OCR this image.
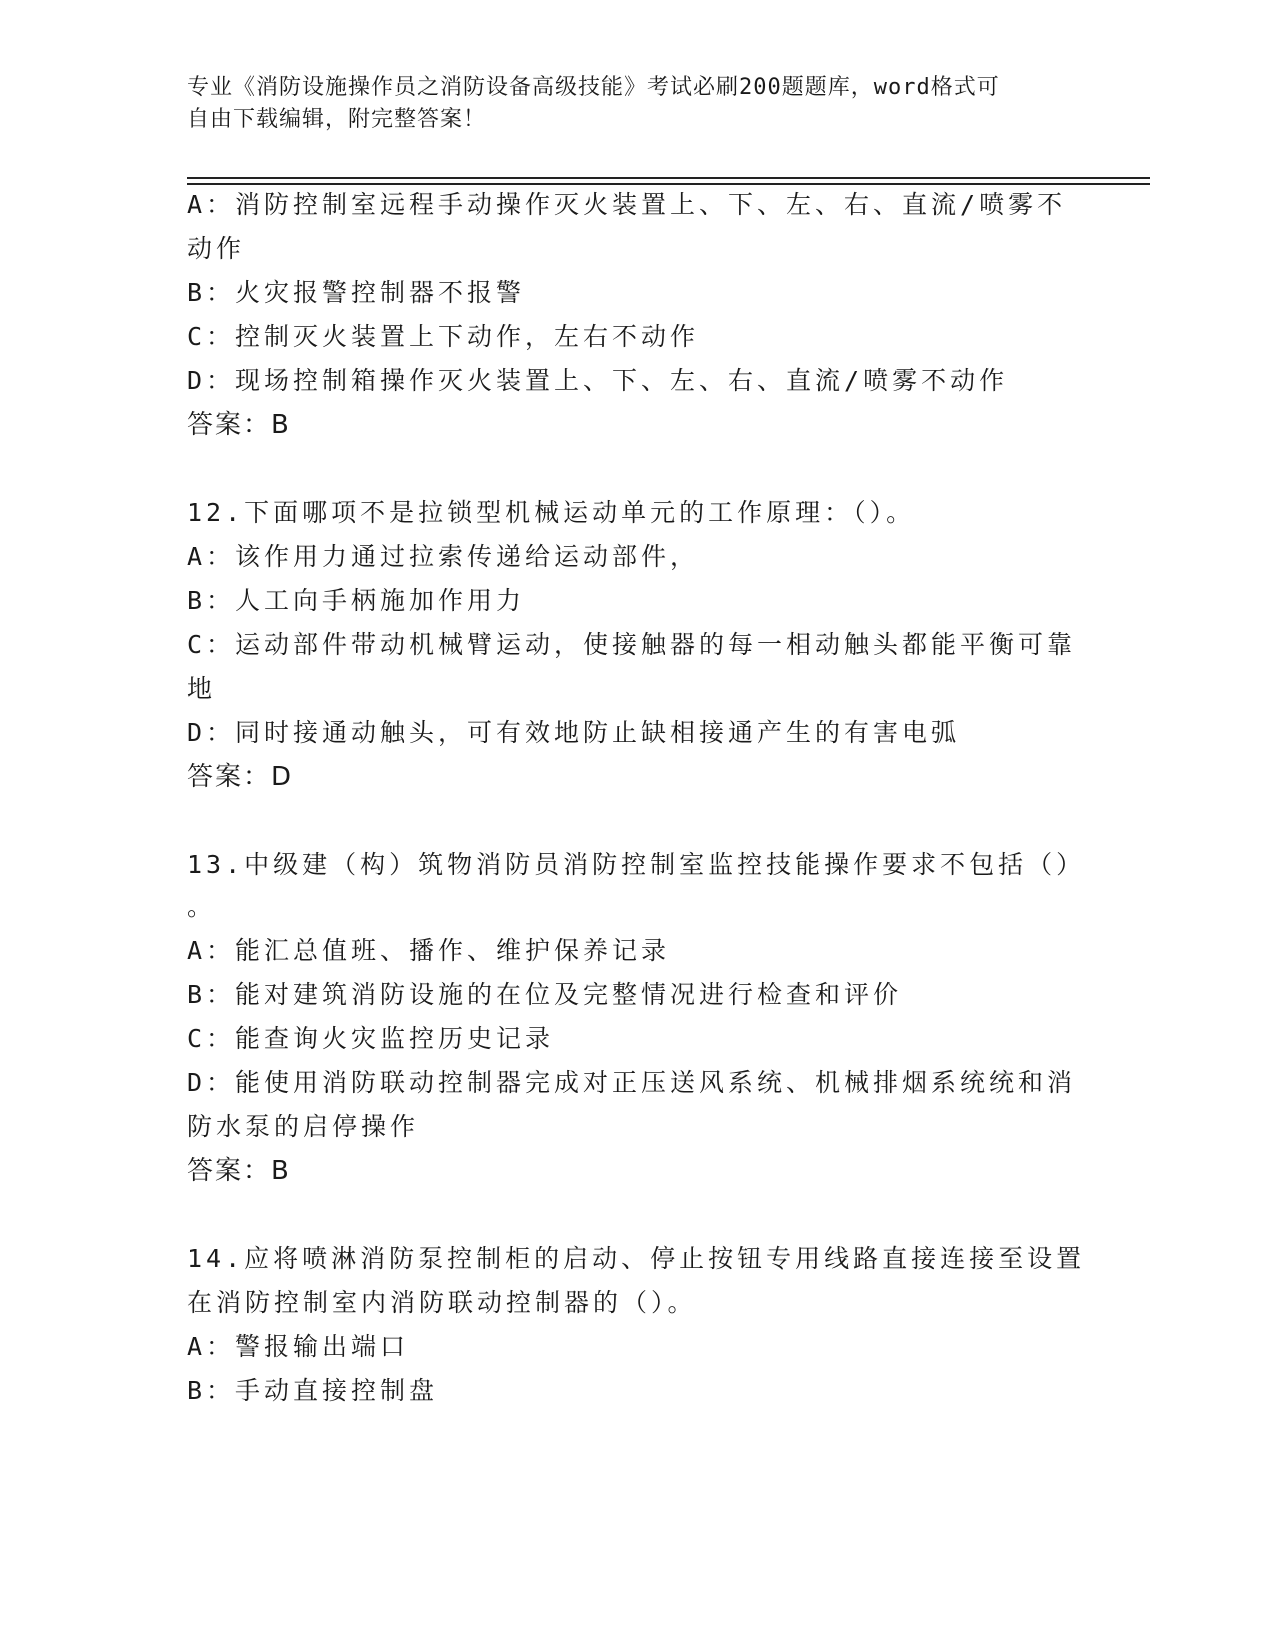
专业《消防设施操作员之消防设备高级技能》考试必刷200题题库，word格式可
自由下载编辑，附完整答案！
A：消防控制室远程手动操作灭火装置上、下、左、右、直流/喷雾不
动作
B：火灾报警控制器不报警
C：控制灭火装置上下动作，左右不动作
D：现场控制箱操作灭火装置上、下、左、右、直流/喷雾不动作
答案：B
12.下面哪项不是拉锁型机械运动单元的工作原理：（）。
A：该作用力通过拉索传递给运动部件，
B：人工向手柄施加作用力
C：运动部件带动机械臂运动，使接触器的每一相动触头都能平衡可靠
地
D：同时接通动触头，可有效地防止缺相接通产生的有害电弧
答案：D
13.中级建（构）筑物消防员消防控制室监控技能操作要求不包括（）
。
A：能汇总值班、播作、维护保养记录
B：能对建筑消防设施的在位及完整情况进行检查和评价
C：能查询火灾监控历史记录
D：能使用消防联动控制器完成对正压送风系统、机械排烟系统统和消
防水泵的启停操作
答案：B
14.应将喷淋消防泵控制柜的启动、停止按钮专用线路直接连接至设置
在消防控制室内消防联动控制器的（）。
A：警报输出端口
B：手动直接控制盘
